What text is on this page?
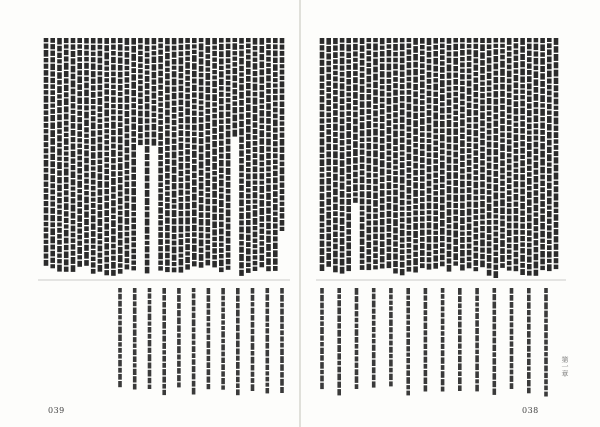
039	038
第一章
